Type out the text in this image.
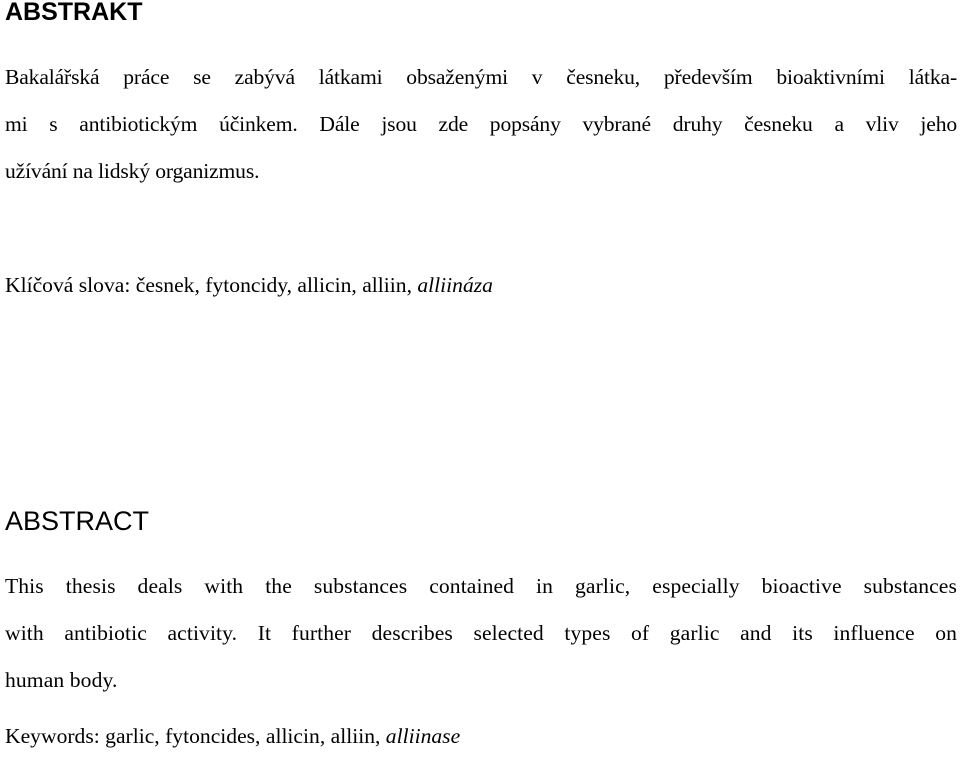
ABSTRAKT
Bakalářská práce se zabývá látkami obsaženými v česneku, především bioaktivními látka-
mi s antibiotickým účinkem. Dále jsou zde popsány vybrané druhy česneku a vliv jeho
užívání na lidský organizmus.
Klíčová slova: česnek, fytoncidy, allicin, alliin, alliináza
ABSTRACT
This thesis deals with the substances contained in garlic, especially bioactive substances
with antibiotic activity. It further describes selected types of garlic and its influence on
human body.
Keywords: garlic, fytoncides, allicin, alliin, alliinase
